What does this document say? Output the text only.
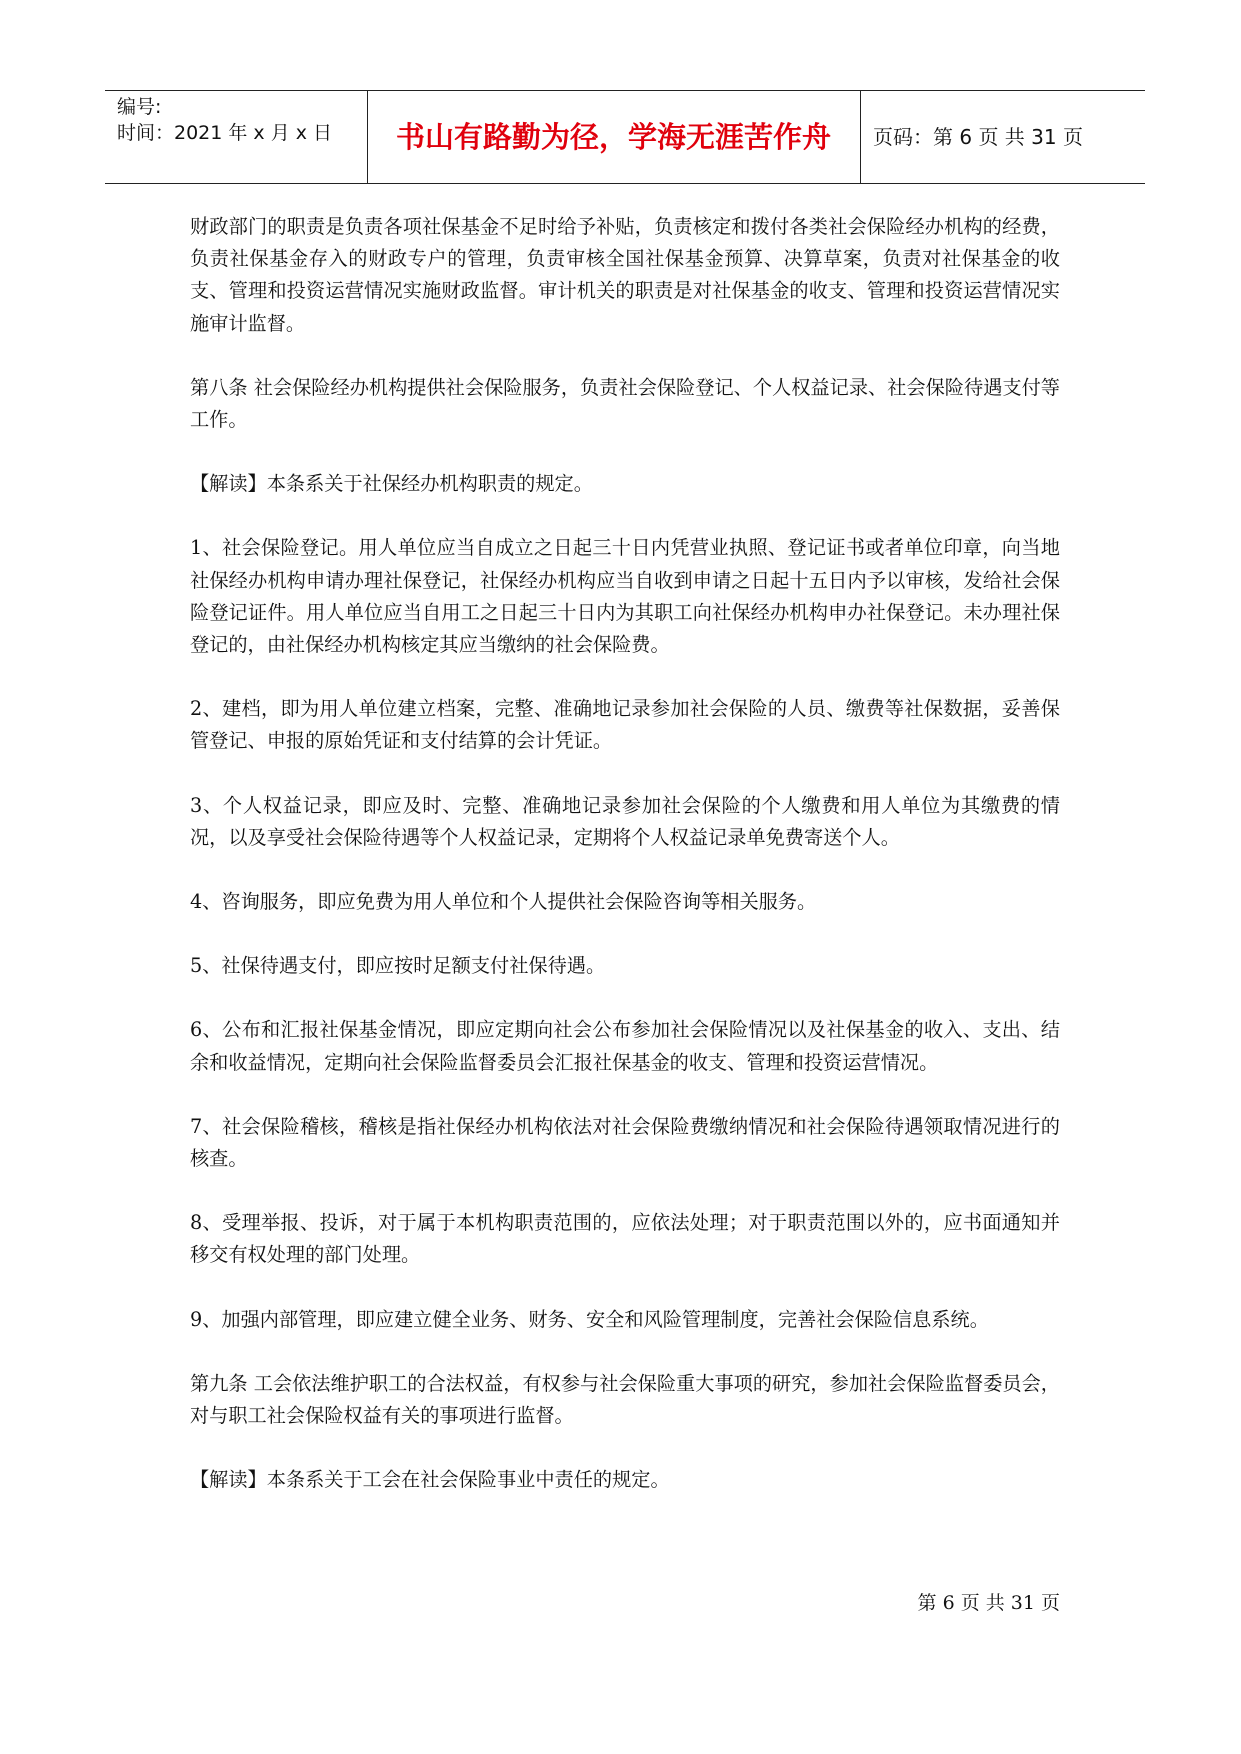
编号:
时间：2021 年 x 月 x 日	书山有路勤为径，学海无涯苦作舟	页码：第 6 页 共 31 页

财政部门的职责是负责各项社保基金不足时给予补贴，负责核定和拨付各类社会保险经办机构的经费，负责社保基金存入的财政专户的管理，负责审核全国社保基金预算、决算草案，负责对社保基金的收支、管理和投资运营情况实施财政监督。审计机关的职责是对社保基金的收支、管理和投资运营情况实施审计监督。

第八条 社会保险经办机构提供社会保险服务，负责社会保险登记、个人权益记录、社会保险待遇支付等工作。

【解读】本条系关于社保经办机构职责的规定。

1、社会保险登记。用人单位应当自成立之日起三十日内凭营业执照、登记证书或者单位印章，向当地社保经办机构申请办理社保登记，社保经办机构应当自收到申请之日起十五日内予以审核，发给社会保险登记证件。用人单位应当自用工之日起三十日内为其职工向社保经办机构申办社保登记。未办理社保登记的，由社保经办机构核定其应当缴纳的社会保险费。

2、建档，即为用人单位建立档案，完整、准确地记录参加社会保险的人员、缴费等社保数据，妥善保管登记、申报的原始凭证和支付结算的会计凭证。

3、个人权益记录，即应及时、完整、准确地记录参加社会保险的个人缴费和用人单位为其缴费的情况，以及享受社会保险待遇等个人权益记录，定期将个人权益记录单免费寄送个人。

4、咨询服务，即应免费为用人单位和个人提供社会保险咨询等相关服务。

5、社保待遇支付，即应按时足额支付社保待遇。

6、公布和汇报社保基金情况，即应定期向社会公布参加社会保险情况以及社保基金的收入、支出、结余和收益情况，定期向社会保险监督委员会汇报社保基金的收支、管理和投资运营情况。

7、社会保险稽核，稽核是指社保经办机构依法对社会保险费缴纳情况和社会保险待遇领取情况进行的核查。

8、受理举报、投诉，对于属于本机构职责范围的，应依法处理；对于职责范围以外的，应书面通知并移交有权处理的部门处理。

9、加强内部管理，即应建立健全业务、财务、安全和风险管理制度，完善社会保险信息系统。

第九条 工会依法维护职工的合法权益，有权参与社会保险重大事项的研究，参加社会保险监督委员会，对与职工社会保险权益有关的事项进行监督。

【解读】本条系关于工会在社会保险事业中责任的规定。

第 6 页 共 31 页
